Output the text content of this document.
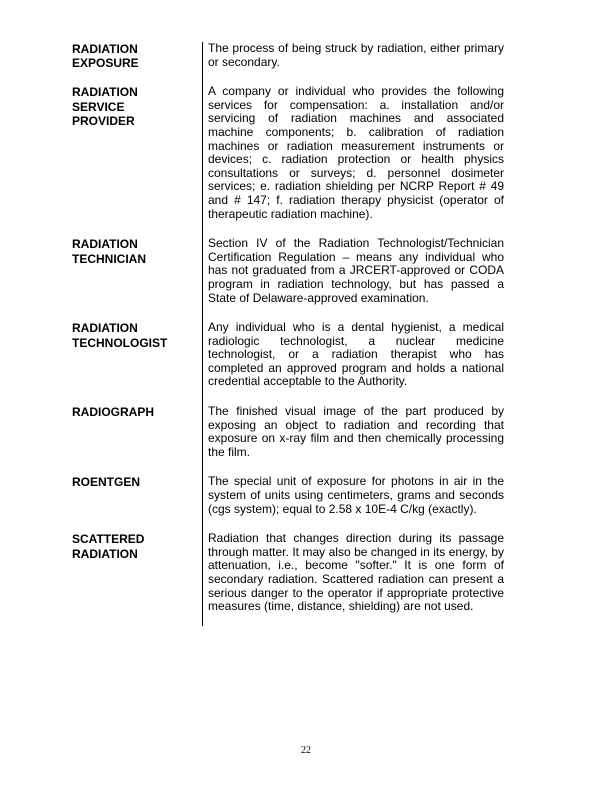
RADIATION
EXPOSURE
The process of being struck by radiation, either primary or secondary.
RADIATION
SERVICE
PROVIDER
A company or individual who provides the following services for compensation: a. installation and/or servicing of radiation machines and associated machine components; b. calibration of radiation machines or radiation measurement instruments or devices; c. radiation protection or health physics consultations or surveys; d. personnel dosimeter services; e. radiation shielding per NCRP Report # 49 and # 147; f. radiation therapy physicist (operator of therapeutic radiation machine).
RADIATION
TECHNICIAN
Section IV of the Radiation Technologist/Technician Certification Regulation – means any individual who has not graduated from a JRCERT-approved or CODA program in radiation technology, but has passed a State of Delaware-approved examination.
RADIATION
TECHNOLOGIST
Any individual who is a dental hygienist, a medical radiologic technologist, a nuclear medicine technologist, or a radiation therapist who has completed an approved program and holds a national credential acceptable to the Authority.
RADIOGRAPH	The finished visual image of the part produced by exposing an object to radiation and recording that exposure on x-ray film and then chemically processing the film.
ROENTGEN	The special unit of exposure for photons in air in the system of units using centimeters, grams and seconds (cgs system); equal to 2.58 x 10E-4 C/kg (exactly).
SCATTERED
RADIATION
Radiation that changes direction during its passage through matter. It may also be changed in its energy, by attenuation, i.e., become "softer." It is one form of secondary radiation. Scattered radiation can present a serious danger to the operator if appropriate protective measures (time, distance, shielding) are not used.
22
